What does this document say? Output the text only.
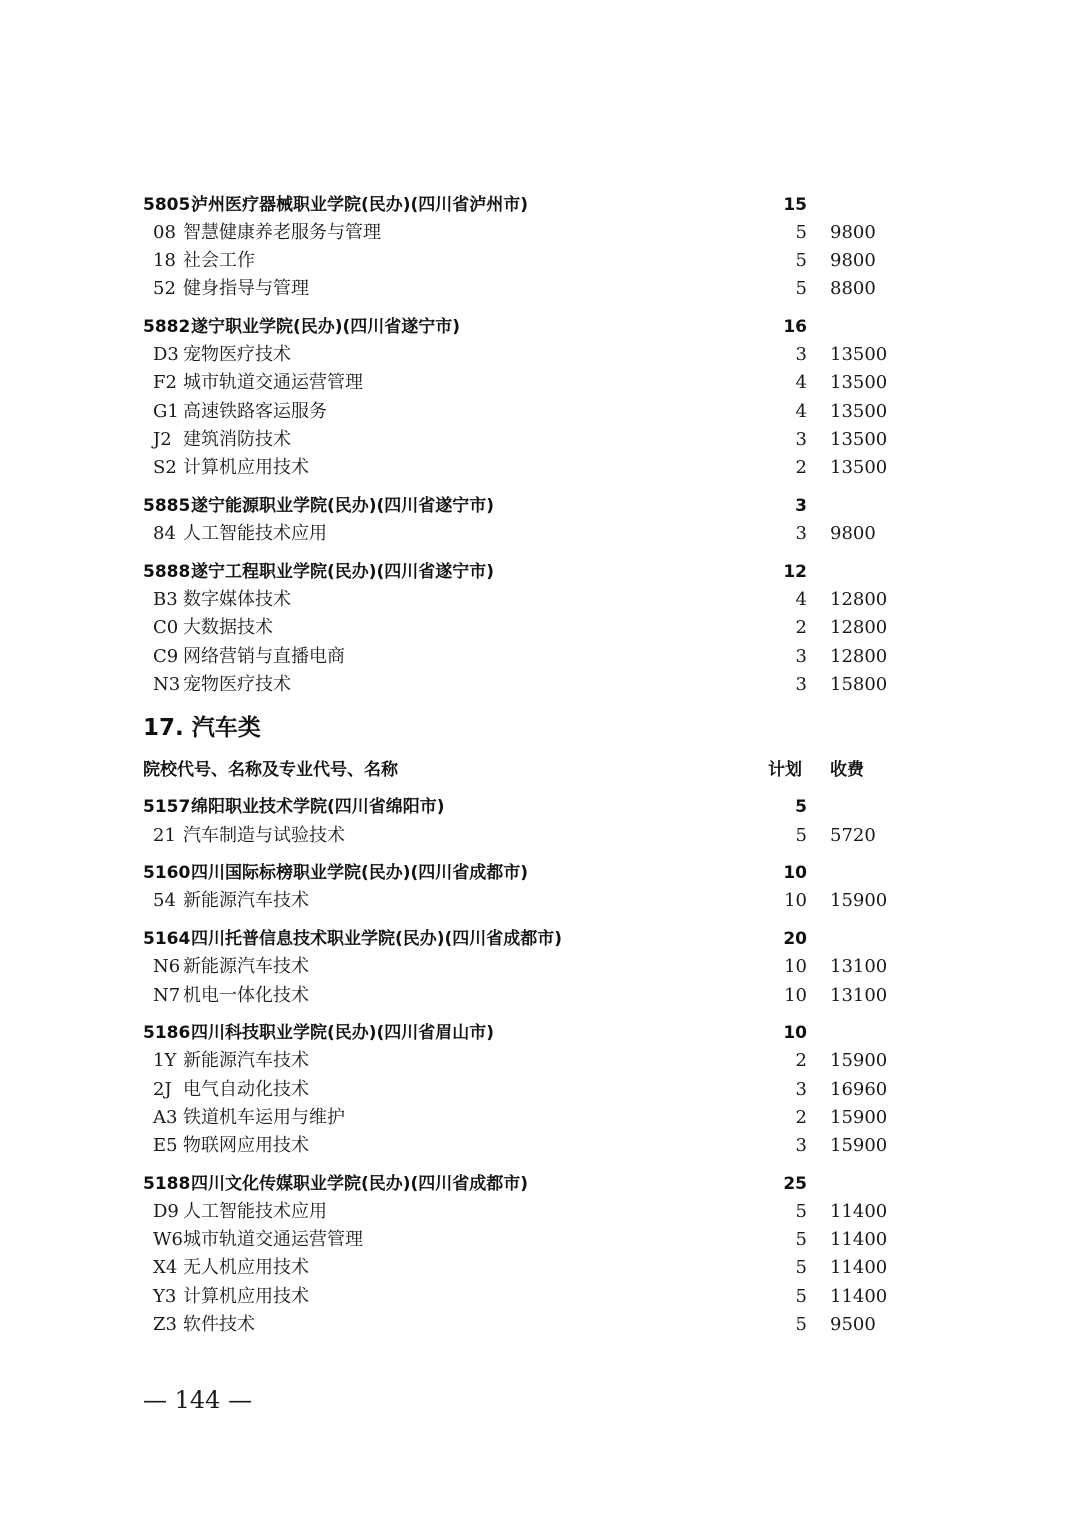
5805 泸州医疗器械职业学院(民办)(四川省泸州市)	15
08 智慧健康养老服务与管理	5 9800
18 社会工作	5 9800
52 健身指导与管理	5 8800
5882 遂宁职业学院(民办)(四川省遂宁市)	16
D3 宠物医疗技术	3 13500
F2 城市轨道交通运营管理	4 13500
G1 高速铁路客运服务	4 13500
J2 建筑消防技术	3 13500
S2 计算机应用技术	2 13500
5885 遂宁能源职业学院(民办)(四川省遂宁市)	3
84 人工智能技术应用	3 9800
5888 遂宁工程职业学院(民办)(四川省遂宁市)	12
B3 数字媒体技术	4 12800
C0 大数据技术	2 12800
C9 网络营销与直播电商	3 12800
N3 宠物医疗技术	3 15800
17. 汽车类
院校代号、名称及专业代号、名称	计划 收费
5157 绵阳职业技术学院(四川省绵阳市)	5
21 汽车制造与试验技术	5 5720
5160 四川国际标榜职业学院(民办)(四川省成都市)	10
54 新能源汽车技术	10 15900
5164 四川托普信息技术职业学院(民办)(四川省成都市)	20
N6 新能源汽车技术	10 13100
N7 机电一体化技术	10 13100
5186 四川科技职业学院(民办)(四川省眉山市)	10
1Y 新能源汽车技术	2 15900
2J 电气自动化技术	3 16960
A3 铁道机车运用与维护	2 15900
E5 物联网应用技术	3 15900
5188 四川文化传媒职业学院(民办)(四川省成都市)	25
D9 人工智能技术应用	5 11400
W6 城市轨道交通运营管理	5 11400
X4 无人机应用技术	5 11400
Y3 计算机应用技术	5 11400
Z3 软件技术	5 9500
— 144 —
